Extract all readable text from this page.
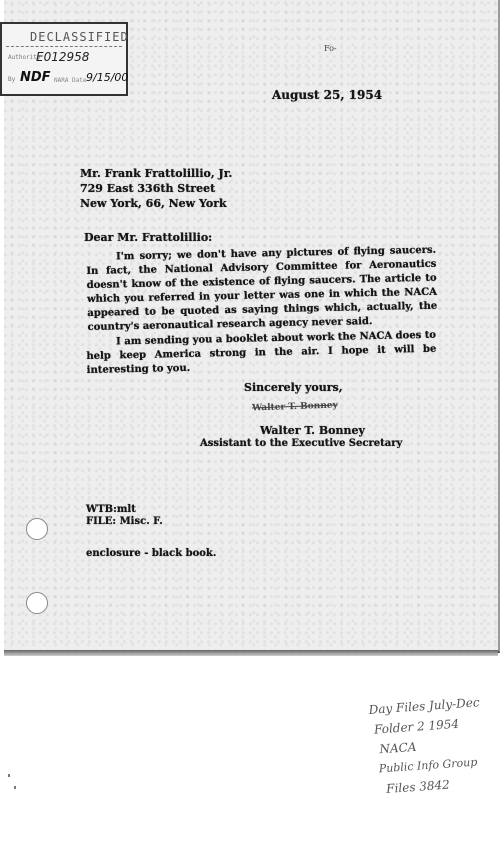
DECLASSIFIED
Authority
E012958
By NDF NARA Date 9/15/00
Fo-
August 25, 1954
Mr. Frank Frattolillio, Jr.
729 East 336th Street
New York, 66, New York
Dear Mr. Frattolillio:
I'm sorry; we don't have any pictures of flying saucers. In fact, the National Advisory Committee for Aeronautics doesn't know of the existence of flying saucers. The article to which you referred in your letter was one in which the NACA appeared to be quoted as saying things which, actually, the country's aeronautical research agency never said.
I am sending you a booklet about work the NACA does to help keep America strong in the air. I hope it will be interesting to you.
Sincerely yours,
Walter T. Bonney
Walter T. Bonney
Assistant to the Executive Secretary
WTB:mlt
FILE: Misc. F.
enclosure - black book.
Day Files July-Dec
Folder 2 1954
NACA
Public Info Group
Files 3842
